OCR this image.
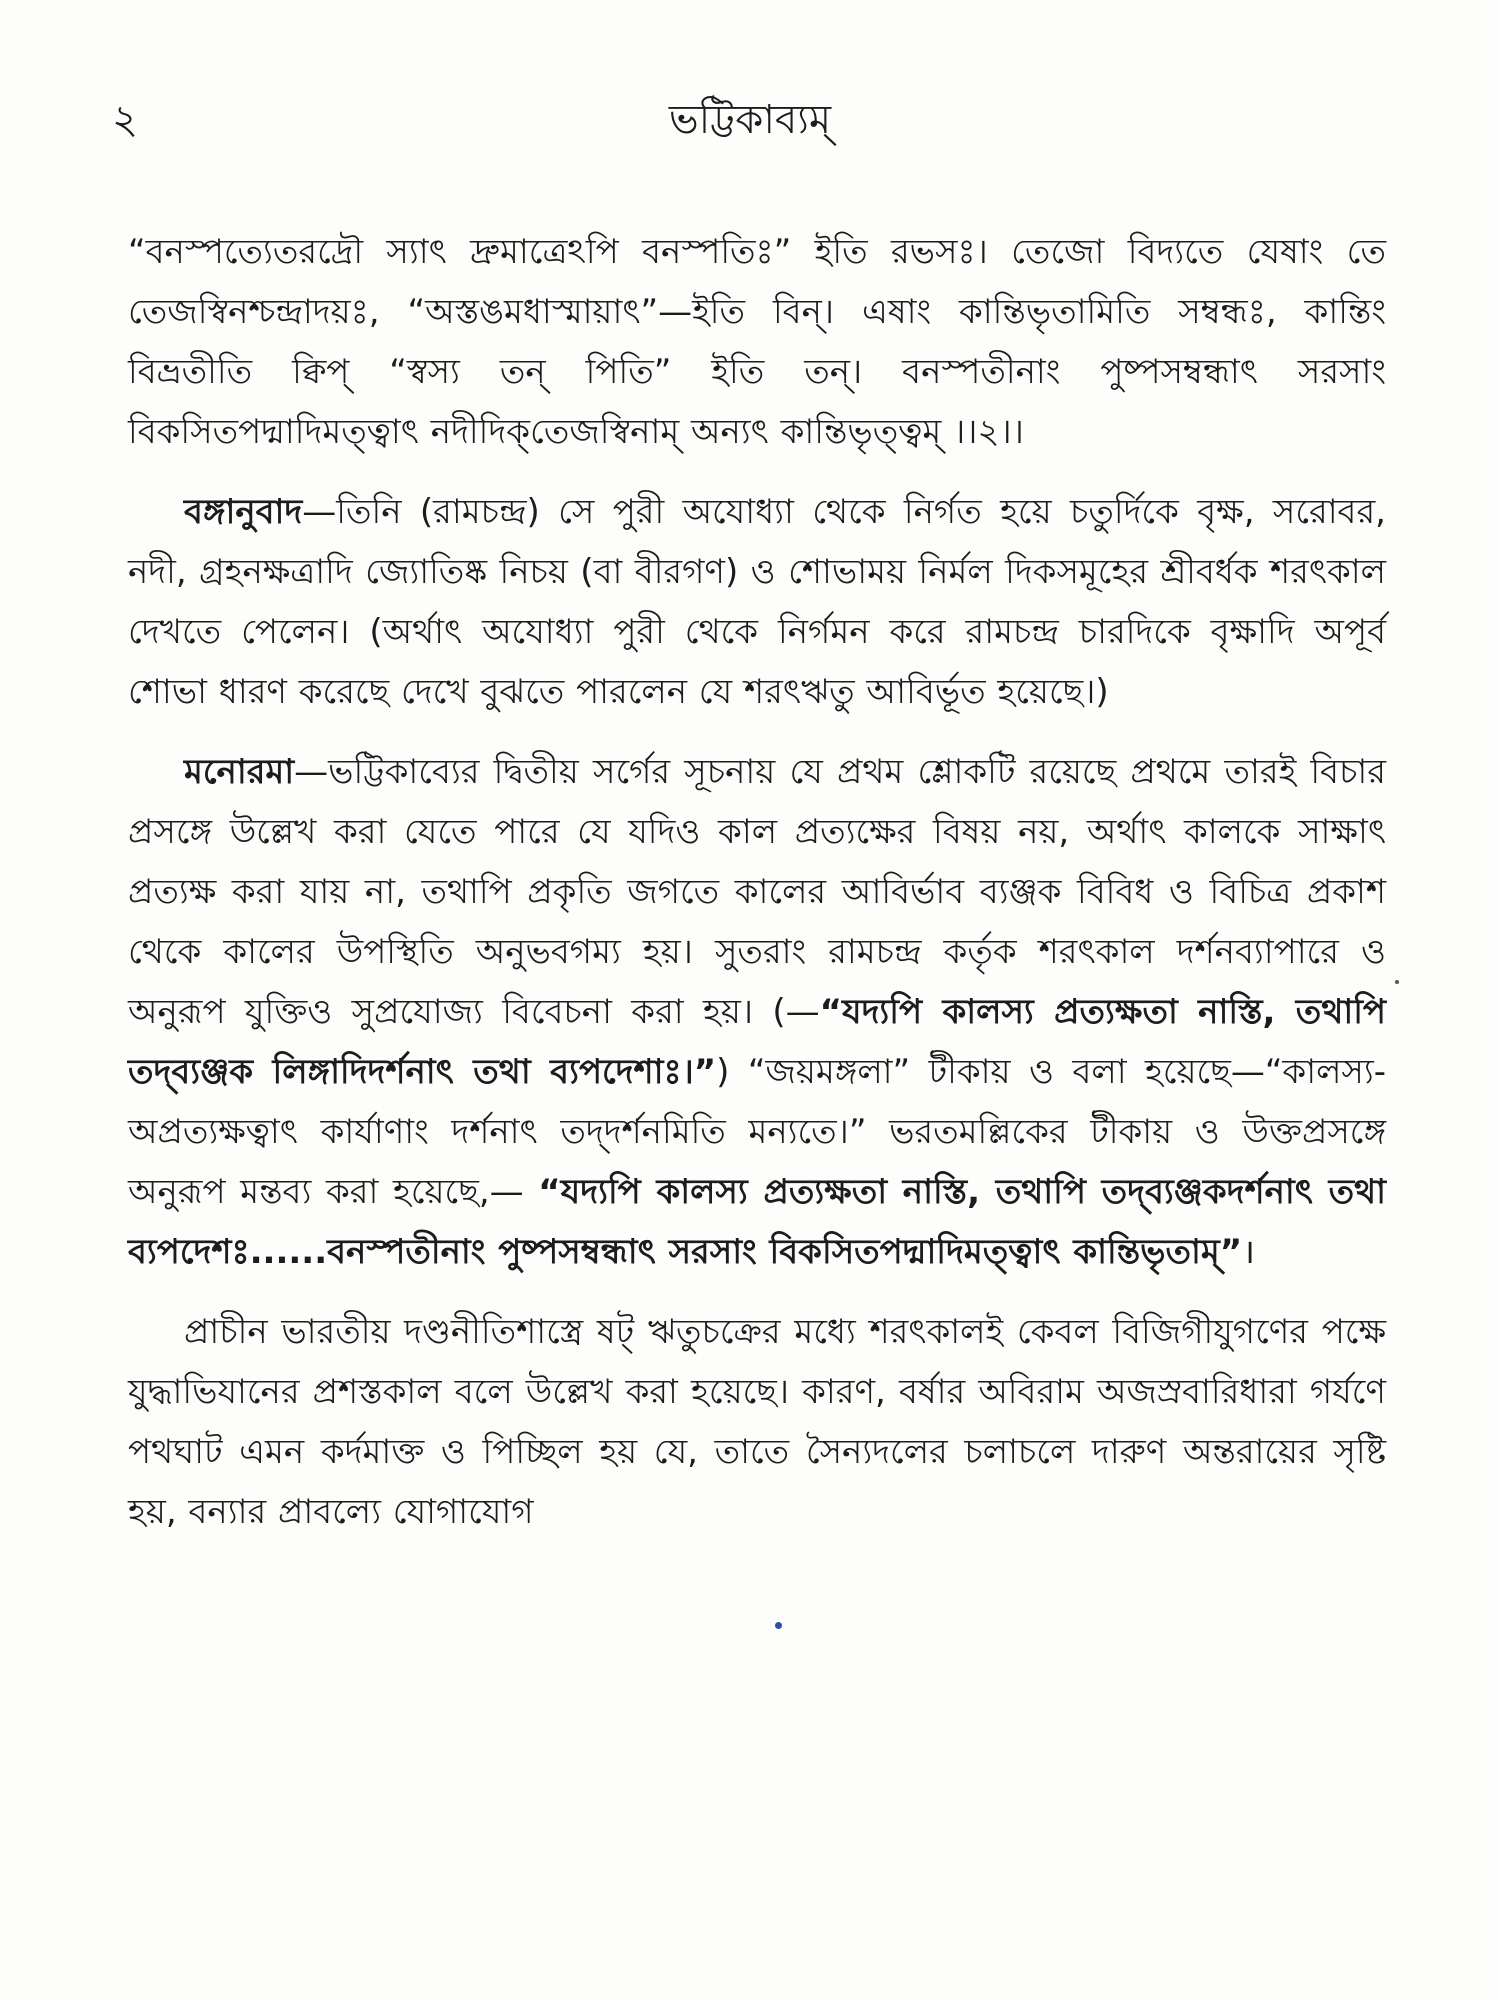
২	ভট্টিকাব্যম্

“বনস্পত্যেতরদ্রৌ স্যাৎ দ্রুমাত্রেঽপি বনস্পতিঃ” ইতি রভসঃ। তেজো বিদ্যতে যেষাং তে তেজস্বিনশ্চন্দ্রাদয়ঃ, “অস্তঙমধাস্মায়াৎ”—ইতি বিন্। এষাং কান্তিভৃতামিতি সম্বন্ধঃ, কান্তিং বিভ্রতীতি ক্বিপ্ “স্বস্য তন্ পিতি” ইতি তন্। বনস্পতীনাং পুষ্পসম্বন্ধাৎ সরসাং বিকসিতপদ্মাদিমত্ত্বাৎ নদীদিক্‌তেজস্বিনাম্ অন্যৎ কান্তিভৃত্ত্বম্ ।।২।।

বঙ্গানুবাদ—তিনি (রামচন্দ্র) সে পুরী অযোধ্যা থেকে নির্গত হয়ে চতুর্দিকে বৃক্ষ, সরোবর, নদী, গ্রহনক্ষত্রাদি জ্যোতিষ্ক নিচয় (বা বীরগণ) ও শোভাময় নির্মল দিকসমূহের শ্রীবর্ধক শরৎকাল দেখতে পেলেন। (অর্থাৎ অযোধ্যা পুরী থেকে নির্গমন করে রামচন্দ্র চারদিকে বৃক্ষাদি অপূর্ব শোভা ধারণ করেছে দেখে বুঝতে পারলেন যে শরৎঋতু আবির্ভূত হয়েছে।)

মনোরমা—ভট্টিকাব্যের দ্বিতীয় সর্গের সূচনায় যে প্রথম শ্লোকটি রয়েছে প্রথমে তারই বিচার প্রসঙ্গে উল্লেখ করা যেতে পারে যে যদিও কাল প্রত্যক্ষের বিষয় নয়, অর্থাৎ কালকে সাক্ষাৎ প্রত্যক্ষ করা যায় না, তথাপি প্রকৃতি জগতে কালের আবির্ভাব ব্যঞ্জক বিবিধ ও বিচিত্র প্রকাশ থেকে কালের উপস্থিতি অনুভবগম্য হয়। সুতরাং রামচন্দ্র কর্তৃক শরৎকাল দর্শনব্যাপারে ও অনুরূপ যুক্তিও সুপ্রযোজ্য বিবেচনা করা হয়। (—“যদ্যপি কালস্য প্রত্যক্ষতা নাস্তি, তথাপি তদ্‌ব্যঞ্জক লিঙ্গাদিদর্শনাৎ তথা ব্যপদেশাঃ।”) “জয়মঙ্গলা” টীকায় ও বলা হয়েছে—“কালস্য-অপ্রত্যক্ষত্বাৎ কার্যাণাং দর্শনাৎ তদ্‌দর্শনমিতি মন্যতে।” ভরতমল্লিকের টীকায় ও উক্তপ্রসঙ্গে অনুরূপ মন্তব্য করা হয়েছে,— “যদ্যপি কালস্য প্রত্যক্ষতা নাস্তি, তথাপি তদ্‌ব্যঞ্জকদর্শনাৎ তথা ব্যপদেশঃ......বনস্পতীনাং পুষ্পসম্বন্ধাৎ সরসাং বিকসিতপদ্মাদিমত্ত্বাৎ কান্তিভৃতাম্”।

প্রাচীন ভারতীয় দণ্ডনীতিশাস্ত্রে ষট্ ঋতুচক্রের মধ্যে শরৎকালই কেবল বিজিগীযুগণের পক্ষে যুদ্ধাভিযানের প্রশস্তকাল বলে উল্লেখ করা হয়েছে। কারণ, বর্ষার অবিরাম অজস্রবারিধারা গর্যণে পথঘাট এমন কর্দমাক্ত ও পিচ্ছিল হয় যে, তাতে সৈন্যদলের চলাচলে দারুণ অন্তরায়ের সৃষ্টি হয়, বন্যার প্রাবল্যে যোগাযোগ
